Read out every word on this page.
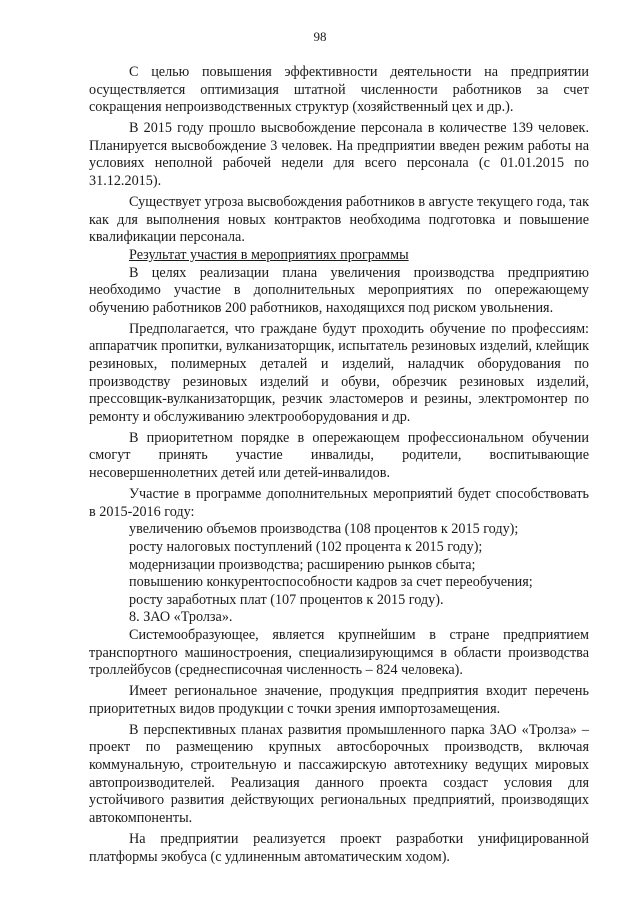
98

С целью повышения эффективности деятельности на предприятии осуществляется оптимизация штатной численности работников за счет сокращения непроизводственных структур (хозяйственный цех и др.).

В 2015 году прошло высвобождение персонала в количестве 139 человек. Планируется высвобождение 3 человек. На предприятии введен режим работы на условиях неполной рабочей недели для всего персонала (с 01.01.2015 по 31.12.2015).

Существует угроза высвобождения работников в августе текущего года, так как для выполнения новых контрактов необходима подготовка и повышение квалификации персонала.

Результат участия в мероприятиях программы

В целях реализации плана увеличения производства предприятию необходимо участие в дополнительных мероприятиях по опережающему обучению работников 200 работников, находящихся под риском увольнения.

Предполагается, что граждане будут проходить обучение по профессиям: аппаратчик пропитки, вулканизаторщик, испытатель резиновых изделий, клейщик резиновых, полимерных деталей и изделий, наладчик оборудования по производству резиновых изделий и обуви, обрезчик резиновых изделий, прессовщик-вулканизаторщик, резчик эластомеров и резины, электромонтер по ремонту и обслуживанию электрооборудования и др.

В приоритетном порядке в опережающем профессиональном обучении смогут принять участие инвалиды, родители, воспитывающие несовершеннолетних детей или детей-инвалидов.

Участие в программе дополнительных мероприятий будет способствовать в 2015-2016 году:

увеличению объемов производства (108 процентов к 2015 году);

росту налоговых поступлений (102 процента к 2015 году);

модернизации производства; расширению рынков сбыта;

повышению конкурентоспособности кадров за счет переобучения;

росту заработных плат (107 процентов к 2015 году).

8. ЗАО «Тролза».

Системообразующее, является крупнейшим в стране предприятием транспортного машиностроения, специализирующимся в области производства троллейбусов (среднесписочная численность – 824 человека).

Имеет региональное значение, продукция предприятия входит перечень приоритетных видов продукции с точки зрения импортозамещения.

В перспективных планах развития промышленного парка ЗАО «Тролза» – проект по размещению крупных автосборочных производств, включая коммунальную, строительную и пассажирскую автотехнику ведущих мировых автопроизводителей. Реализация данного проекта создаст условия для устойчивого развития действующих региональных предприятий, производящих автокомпоненты.

На предприятии реализуется проект разработки унифицированной платформы экобуса (с удлиненным автоматическим ходом).
